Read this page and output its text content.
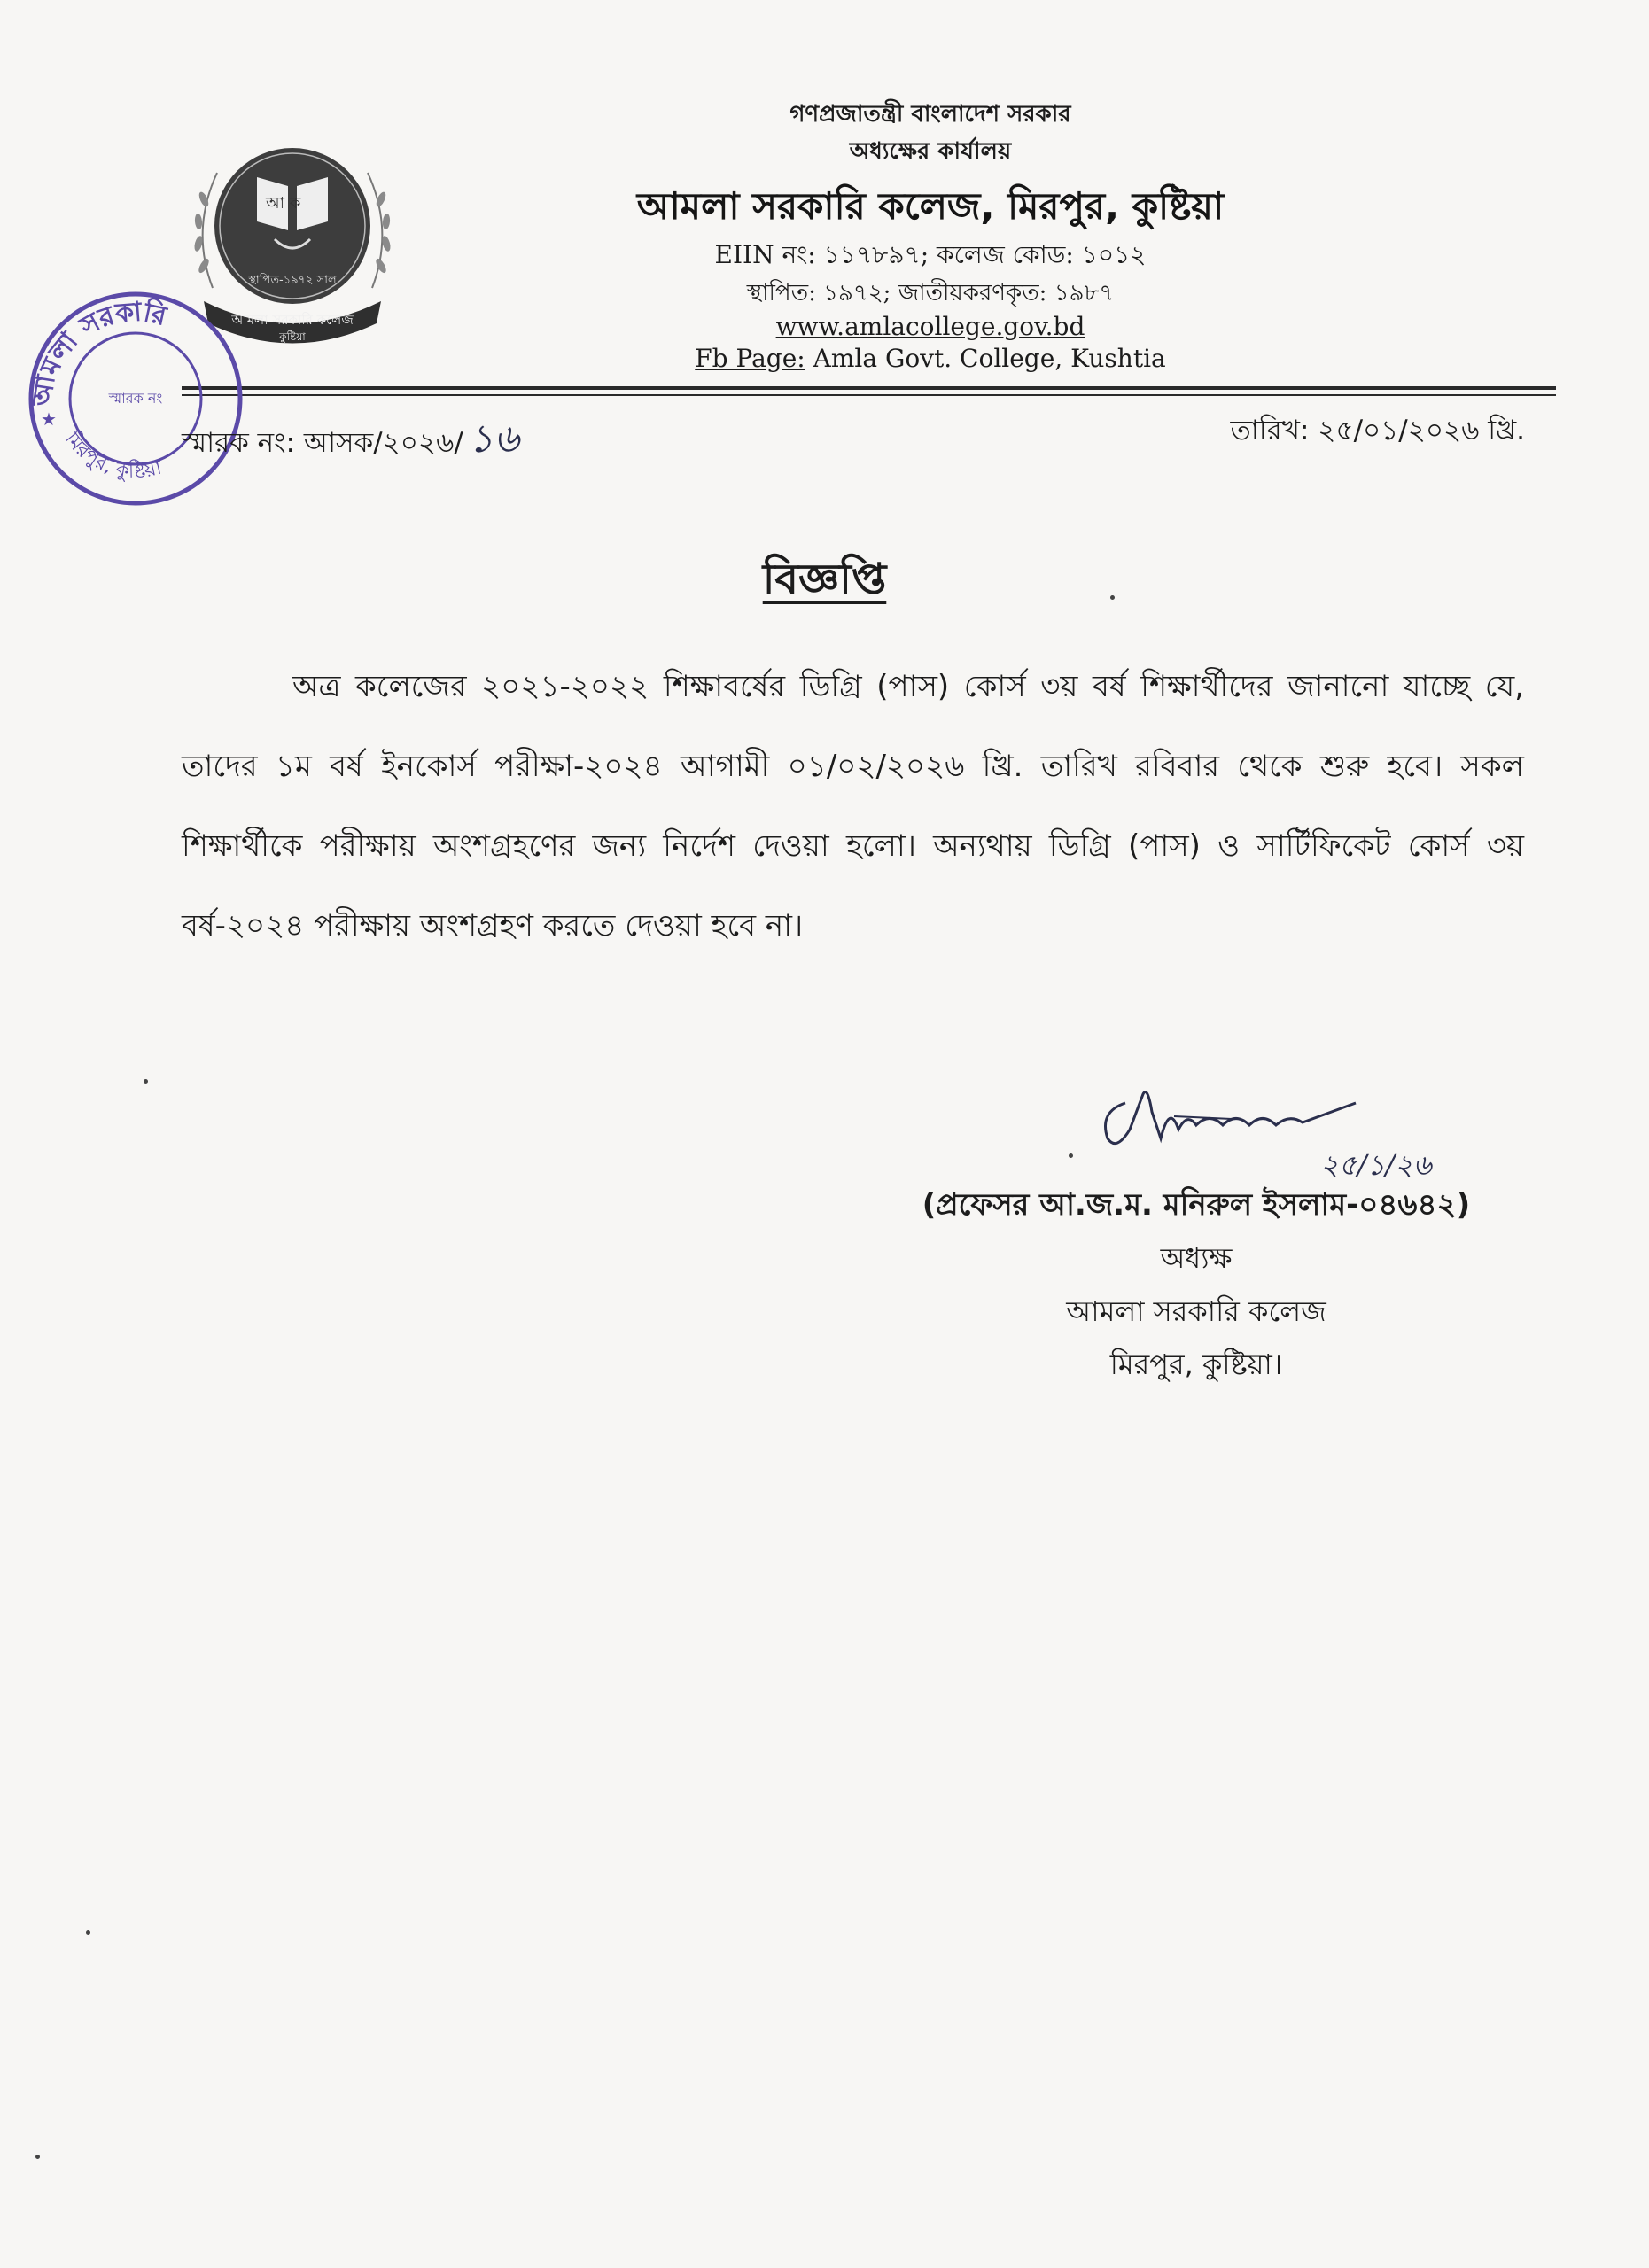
আ ক
স্থাপিত-১৯৭২ সাল
আমলা সরকারি কলেজ
কুষ্টিয়া
গণপ্রজাতন্ত্রী বাংলাদেশ সরকার
অধ্যক্ষের কার্যালয়
আমলা সরকারি কলেজ, মিরপুর, কুষ্টিয়া
EIIN নং: ১১৭৮৯৭; কলেজ কোড: ১০১২
স্থাপিত: ১৯৭২; জাতীয়করণকৃত: ১৯৮৭
www.amlacollege.gov.bd
Fb Page: Amla Govt. College, Kushtia
আমলা সরকারি
মিরপুর, কুষ্টিয়া
স্মারক নং
★
স্মারক নং: আসক/২০২৬/ ১৬	তারিখ: ২৫/০১/২০২৬ খ্রি.
বিজ্ঞপ্তি
অত্র কলেজের ২০২১-২০২২ শিক্ষাবর্ষের ডিগ্রি (পাস) কোর্স ৩য় বর্ষ শিক্ষার্থীদের জানানো যাচ্ছে যে, তাদের ১ম বর্ষ ইনকোর্স পরীক্ষা-২০২৪ আগামী ০১/০২/২০২৬ খ্রি. তারিখ রবিবার থেকে শুরু হবে। সকল শিক্ষার্থীকে পরীক্ষায় অংশগ্রহণের জন্য নির্দেশ দেওয়া হলো। অন্যথায় ডিগ্রি (পাস) ও সার্টিফিকেট কোর্স ৩য় বর্ষ-২০২৪ পরীক্ষায় অংশগ্রহণ করতে দেওয়া হবে না।
২৫/১/২৬
(প্রফেসর আ.জ.ম. মনিরুল ইসলাম-০৪৬৪২)
অধ্যক্ষ
আমলা সরকারি কলেজ
মিরপুর, কুষ্টিয়া।
